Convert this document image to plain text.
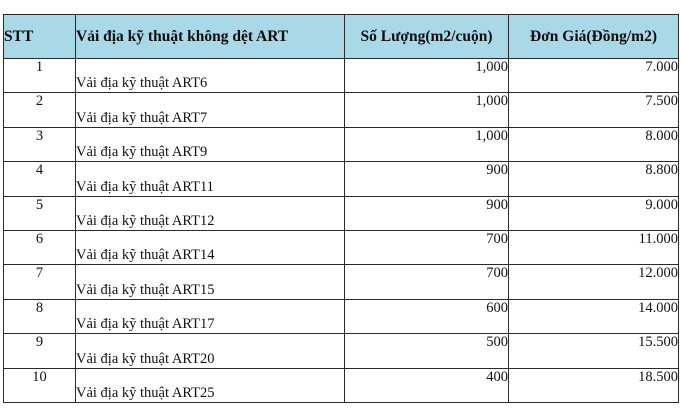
STT	Vải địa kỹ thuật không dệt ART	Số Lượng(m2/cuộn)	Đơn Giá(Đồng/m2)
1	Vải địa kỹ thuật ART6	1,000	7.000
2	Vải địa kỹ thuật ART7	1,000	7.500
3	Vải địa kỹ thuật ART9	1,000	8.000
4	Vải địa kỹ thuật ART11	900	8.800
5	Vải địa kỹ thuật ART12	900	9.000
6	Vải địa kỹ thuật ART14	700	11.000
7	Vải địa kỹ thuật ART15	700	12.000
8	Vải địa kỹ thuật ART17	600	14.000
9	Vải địa kỹ thuật ART20	500	15.500
10	Vải địa kỹ thuật ART25	400	18.500
